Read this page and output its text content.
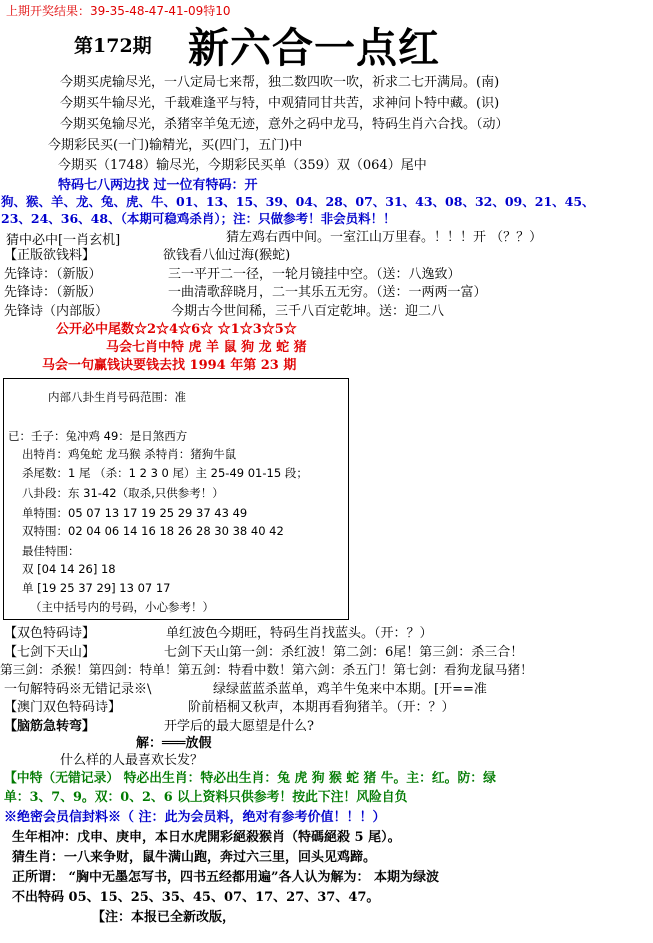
上期开奖结果：39-35-48-47-41-09特10
第172期 新六合一点红
今期买虎输尽光，一八定局七来帮，独二数四吹一吹，祈求二七开满局。(南)
今期买牛输尽光，千载难逢平与特，中观猜同甘共苦，求神问卜特中藏。(识)
今期买兔输尽光，杀猪宰羊兔无迹，意外之码中龙马，特码生肖六合找。（动）
今期彩民买(一门)输精光，买(四门，五门)中
今期买（1748）输尽光，今期彩民买单（359）双（064）尾中
特码七八两边找 过一位有特码：开
狗、猴、羊、龙、兔、虎、牛、01、13、15、39、04、28、07、31、43、08、32、09、21、45、
23、24、36、48、（本期可稳鸡杀肖）；注：只做参考！非会员料！！
猜中必中[一肖玄机]	猜左鸡右西中间。一室江山万里春。！！！开 （？？）
【正版欲钱料】	欲钱看八仙过海(猴蛇)
先锋诗：（新版）	三一平开二一径，一轮月镜挂中空。（送：八逸致）
先锋诗：（新版）	一曲清歌辞晓月，二一其乐五无穷。（送：一两两一富）
先锋诗（内部版）	今期古今世间稀，三千八百定乾坤。送：迎二八
公开必中尾数☆2☆4☆6☆ ☆1☆3☆5☆
马会七肖中特 虎 羊 鼠 狗 龙 蛇 猪
马会一句赢钱诀要钱去找 1994 年第 23 期
内部八卦生肖号码范围：准
已：壬子：兔冲鸡 49：是日煞西方
出特肖：鸡兔蛇 龙马猴 杀特肖：猪狗牛鼠
杀尾数：1 尾 （杀：1 2 3 0 尾）主 25-49 01-15 段；
八卦段：东 31-42（取杀,只供参考！）
单特围：05 07 13 17 19 25 29 37 43 49
双特围：02 04 06 14 16 18 26 28 30 38 40 42
最佳特围：
双 [04 14 26] 18
单 [19 25 37 29] 13 07 17
（主中括号内的号码，小心参考！）
【双色特码诗】	单红波色今期旺，特码生肖找蓝头。（开：？）
【七剑下天山】	七剑下天山第一剑：杀红波！第二剑：6尾！第三剑：杀三合！
第三剑：杀猴！第四剑：特单！第五剑：特看中数！第六剑：杀五门！第七剑：看狗龙鼠马猪！
一句解特码※无错记录※\	绿绿蓝蓝杀蓝单，鸡羊牛兔来中本期。[开==准
【澳门双色特码诗】	阶前梧桐又秋声，本期再看狗猪羊。（开：？）
【脑筋急转弯】	开学后的最大愿望是什么?
解：═══放假
什么样的人最喜欢长发？
【中特（无错记录） 特必出生肖：特必出生肖：兔 虎 狗 猴 蛇 猪 牛。主：红。防：绿
单：3、7、9。双：0、2、6 以上资料只供参考！按此下注！风险自负
※绝密会员信封料※（ 注：此为会员料，绝对有参考价值！！！）
生年相冲：戊申、庚申，本日水虎開彩絕殺猴肖（特碼絕殺 5 尾）。
猜生肖：一八来争财，鼠牛满山跑，奔过六三里，回头见鸡蹄。
正所谓： “胸中无墨怎写书，四书五经都用遍”各人认为解为： 本期为绿波
不出特码 05、15、25、35、45、07、17、27、37、47。
【注：本报已全新改版，
